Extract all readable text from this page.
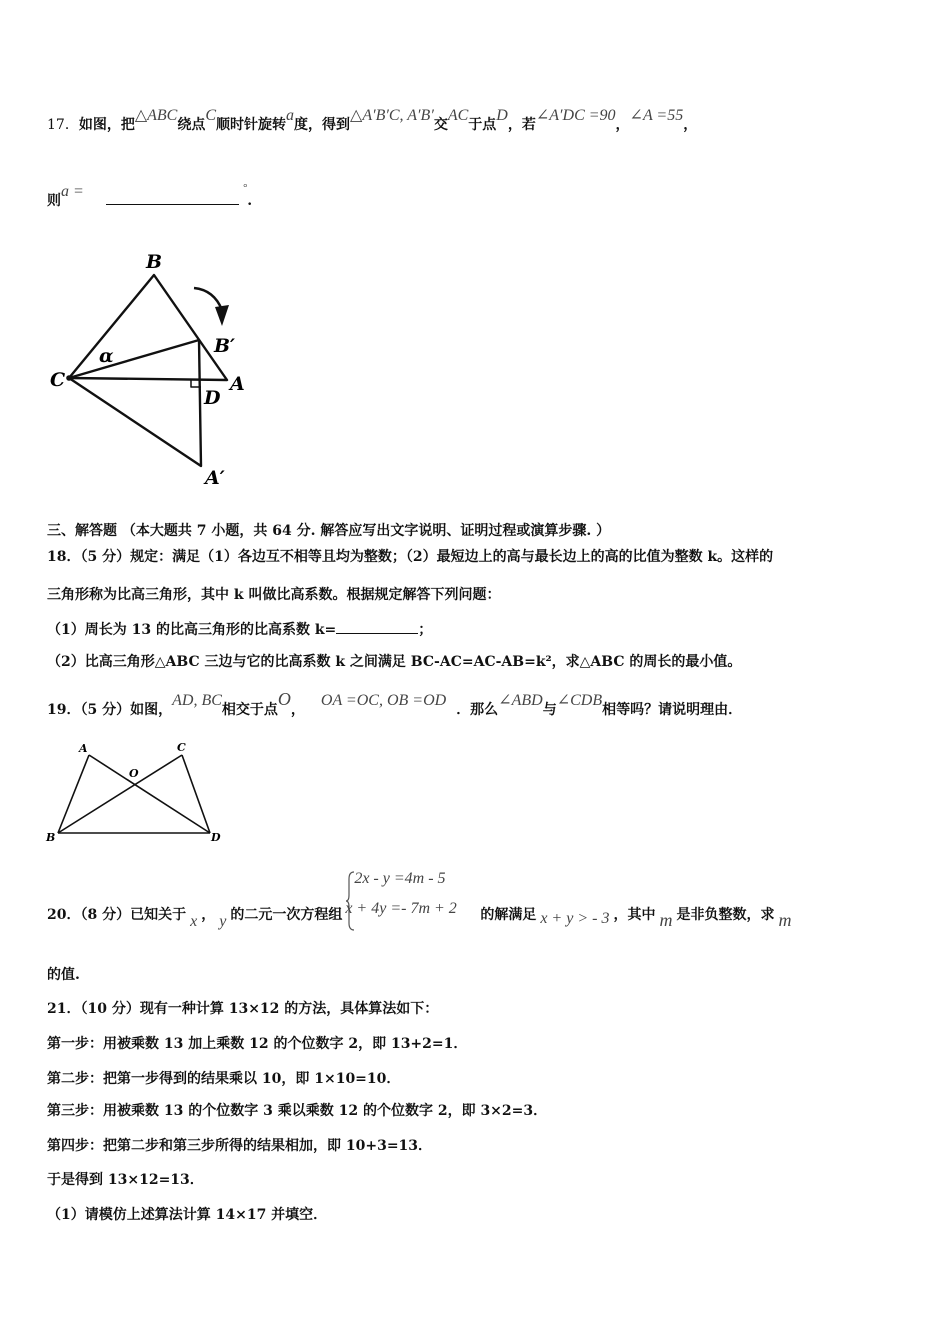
17．如图，把△ABC绕点C顺时针旋转a度，得到△A′B′C, A′B′交AC于点D，若∠A′DC =90，∠A =55，
则a =	°.
B
B′
C
α
A
D
A′
三、解答题 （本大题共 7 小题，共 64 分. 解答应写出文字说明、证明过程或演算步骤. ）
18．（5 分）规定：满足（1）各边互不相等且均为整数；（2）最短边上的高与最长边上的高的比值为整数 k。这样的
三角形称为比高三角形，其中 k 叫做比高系数。根据规定解答下列问题：
（1）周长为 13 的比高三角形的比高系数 k=	；
（2）比高三角形△ABC 三边与它的比高系数 k 之间满足 BC-AC=AC-AB=k²，求△ABC 的周长的最小值。
19．（5 分）如图，AD, BC相交于点O，OA =OC, OB =OD．那么∠ABD与∠CDB相等吗？请说明理由．
A	C
O
B	D
20．（8 分）已知关于 x ， y 的二元一次方程组
2x - y =4m - 5
x + 4y =- 7m + 2 的解满足 x + y > - 3 ，其中 m 是非负整数，求 m
的值.
21．（10 分）现有一种计算 13×12 的方法，具体算法如下：
第一步：用被乘数 13 加上乘数 12 的个位数字 2，即 13+2=1．
第二步：把第一步得到的结果乘以 10，即 1×10=10．
第三步：用被乘数 13 的个位数字 3 乘以乘数 12 的个位数字 2，即 3×2=3．
第四步：把第二步和第三步所得的结果相加，即 10+3=13．
于是得到 13×12=13．
（1）请模仿上述算法计算 14×17 并填空．
